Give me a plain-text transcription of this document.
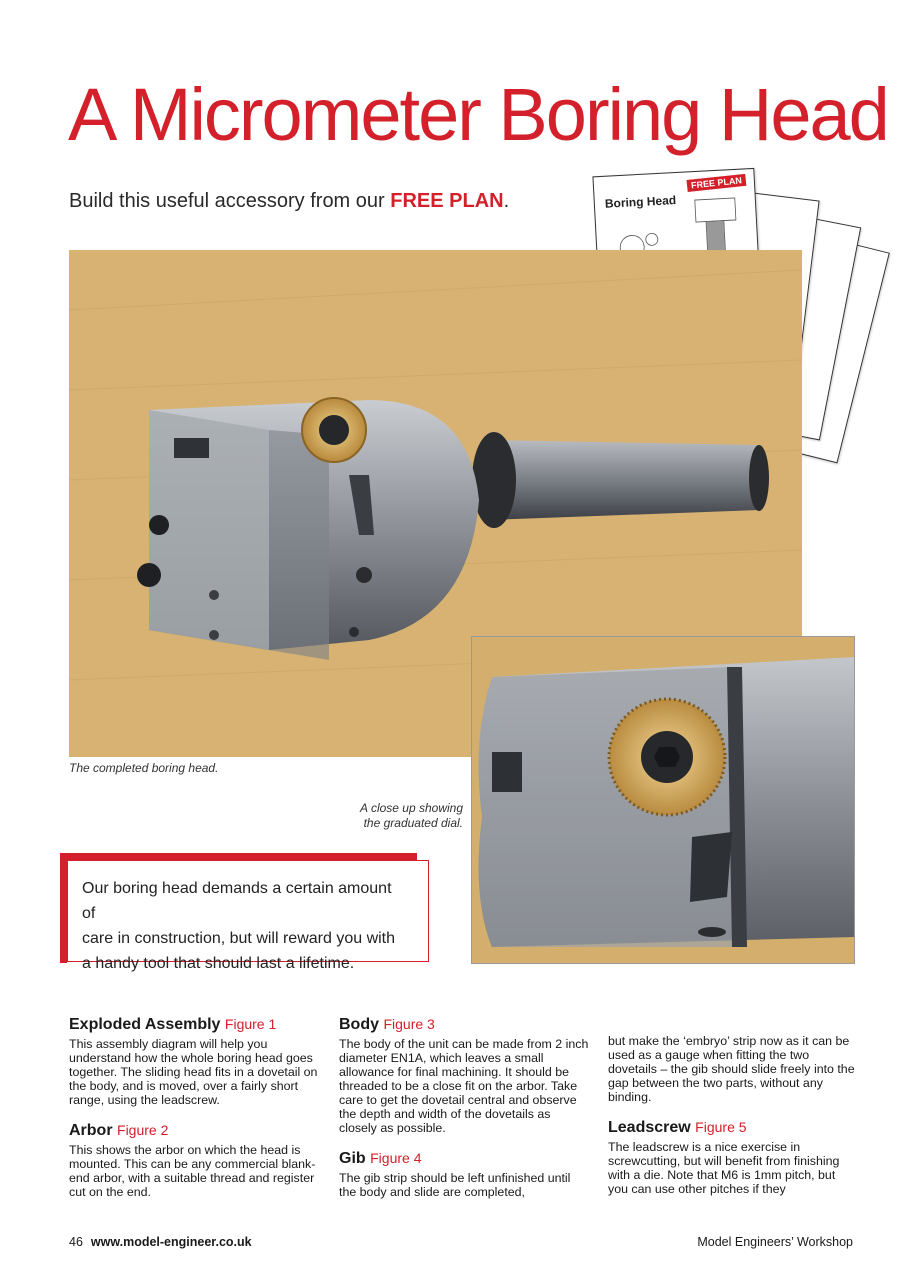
A Micrometer Boring Head

Build this useful accessory from our FREE PLAN.

FREE PLAN
Boring Head
The completed boring head.
A close up showing
the graduated dial.
Our boring head demands a certain amount of
care in construction, but will reward you with
a handy tool that should last a lifetime.
Exploded Assembly Figure 1

This assembly diagram will help you understand how the whole boring head goes together. The sliding head fits in a dovetail on the body, and is moved, over a fairly short range, using the leadscrew.

Arbor Figure 2

This shows the arbor on which the head is mounted. This can be any commercial blank-end arbor, with a suitable thread and register cut on the end.

Body Figure 3

The body of the unit can be made from 2 inch diameter EN1A, which leaves a small allowance for final machining. It should be threaded to be a close fit on the arbor. Take care to get the dovetail central and observe the depth and width of the dovetails as closely as possible.

Gib Figure 4

The gib strip should be left unfinished until the body and slide are completed,

but make the ‘embryo’ strip now as it can be used as a gauge when fitting the two dovetails – the gib should slide freely into the gap between the two parts, without any binding.

Leadscrew Figure 5

The leadscrew is a nice exercise in screwcutting, but will benefit from finishing with a die. Note that M6 is 1mm pitch, but you can use other pitches if they

46 www.model-engineer.co.uk	Model Engineers’ Workshop
